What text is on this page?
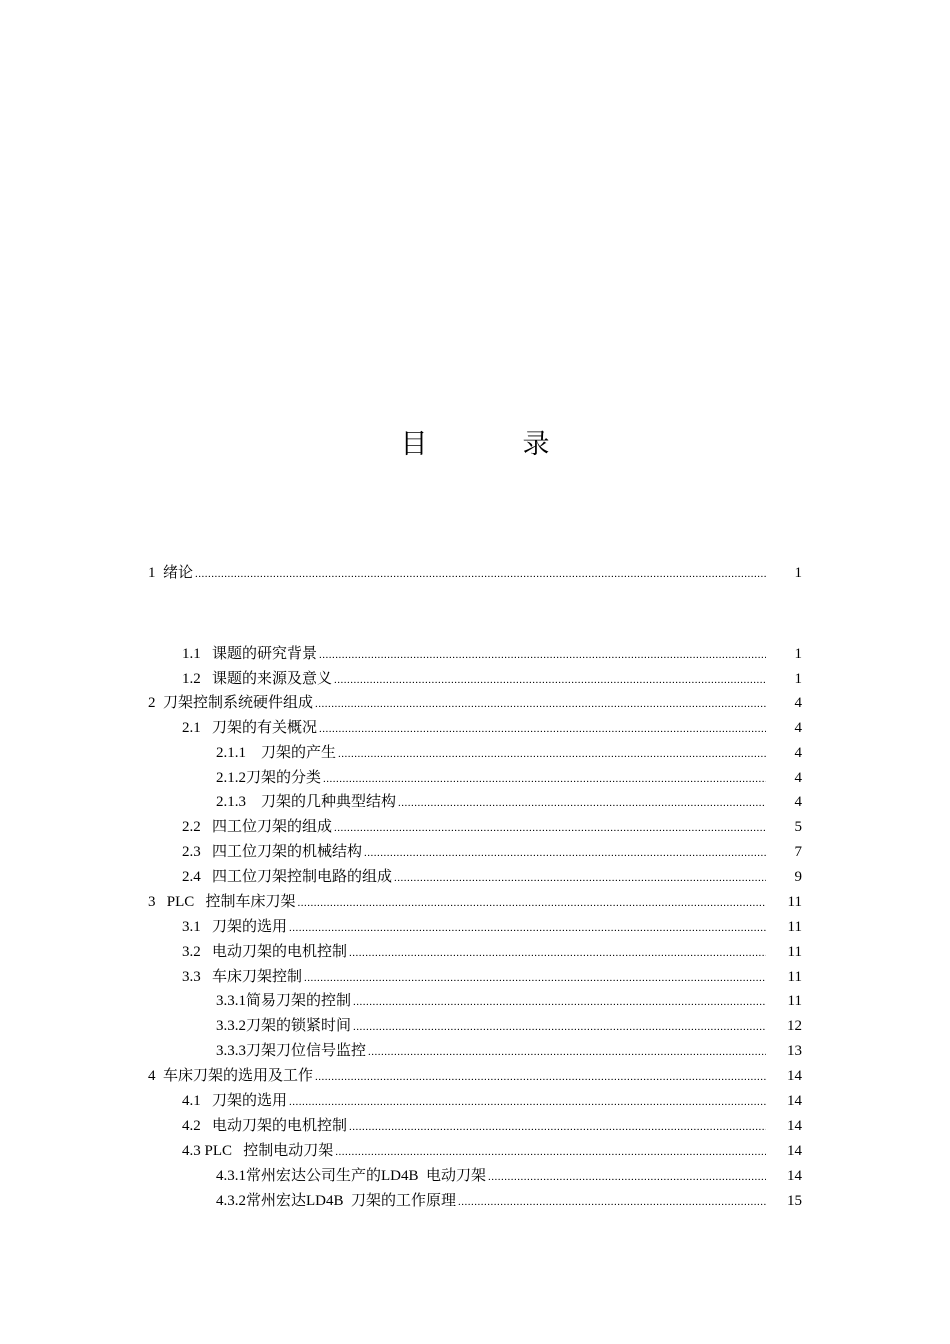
目　录
1  绪论 .....	1
1.1   课题的研究背景 .....	1
1.2   课题的来源及意义 .....	1
2  刀架控制系统硬件组成 .....	4
2.1   刀架的有关概况 .....	4
2.1.1    刀架的产生 .....	4
2.1.2刀架的分类 .....	4
2.1.3    刀架的几种典型结构 .....	4
2.2   四工位刀架的组成 .....	5
2.3   四工位刀架的机械结构 .....	7
2.4   四工位刀架控制电路的组成 .....	9
3   PLC   控制车床刀架 .....	11
3.1   刀架的选用 .....	11
3.2   电动刀架的电机控制 .....	11
3.3   车床刀架控制 .....	11
3.3.1简易刀架的控制 .....	11
3.3.2刀架的锁紧时间 .....	12
3.3.3刀架刀位信号监控 .....	13
4  车床刀架的选用及工作 .....	14
4.1   刀架的选用 .....	14
4.2   电动刀架的电机控制 .....	14
4.3 PLC   控制电动刀架 .....	14
4.3.1常州宏达公司生产的LD4B  电动刀架 .....	14
4.3.2常州宏达LD4B  刀架的工作原理 .....	15
